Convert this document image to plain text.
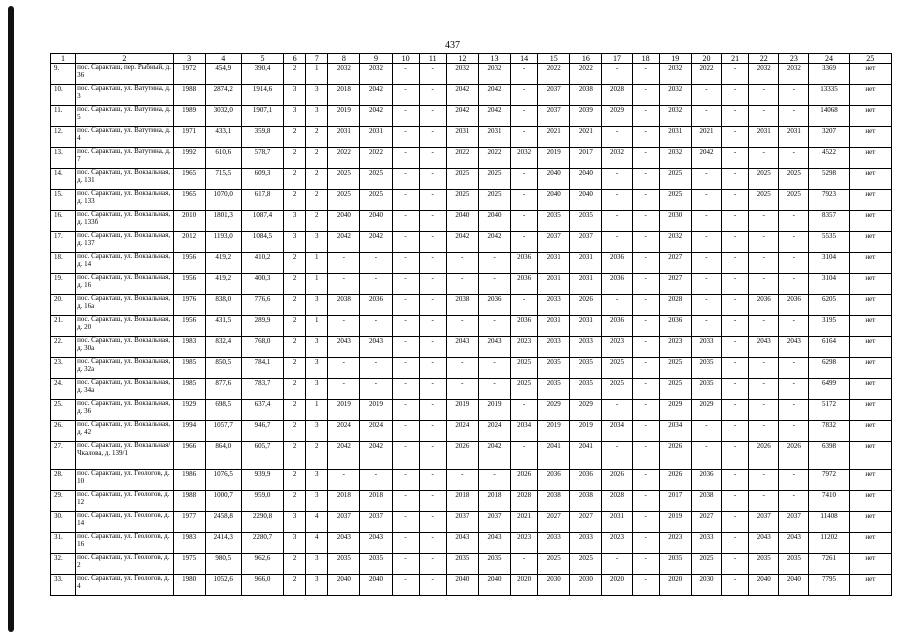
437
1	2	3	4	5	6	7	8	9	10	11	12	13	14	15	16	17	18	19	20	21	22	23	24	25
9.	пос. Саракташ, пер. Рыбный, д. 36	1972	454,9	390,4	2	1	2032	2032	-	-	2032	2032	-	2022	2022	-	-	2032	2022	-	2032	2032	3369	нет
10.	пос. Саракташ, ул. Ватутина, д. 3	1988	2874,2	1914,6	3	3	2018	2042	-	-	2042	2042	-	2037	2038	2028	-	2032	-	-	-	-	13335	нет
11.	пос. Саракташ, ул. Ватутина, д. 5	1989	3032,0	1907,1	3	3	2019	2042	-	-	2042	2042	-	2037	2039	2029	-	2032	-	-	-	-	14068	нет
12.	пос. Саракташ, ул. Ватутина, д. 4	1971	433,1	359,8	2	2	2031	2031	-	-	2031	2031	-	2021	2021	-	-	2031	2021	-	2031	2031	3207	нет
13.	пос. Саракташ, ул. Ватутина, д. 7	1992	610,6	578,7	2	2	2022	2022	-	-	2022	2022	2032	2019	2017	2032	-	2032	2042	-	-	-	4522	нет
14.	пос. Саракташ, ул. Вокзальная, д. 131	1965	715,5	609,3	2	2	2025	2025	-	-	2025	2025	-	2040	2040	-	-	2025	-	-	2025	2025	5298	нет
15.	пос. Саракташ, ул. Вокзальная, д. 133	1965	1070,0	617,8	2	2	2025	2025	-	-	2025	2025	-	2040	2040	-	-	2025	-	-	2025	2025	7923	нет
16.	пос. Саракташ, ул. Вокзальная, д. 133б	2010	1801,3	1087,4	3	2	2040	2040	-	-	2040	2040	-	2035	2035	-	-	2030	-	-	-	-	8357	нет
17.	пос. Саракташ, ул. Вокзальная, д. 137	2012	1193,0	1084,5	3	3	2042	2042	-	-	2042	2042	-	2037	2037	-	-	2032	-	-	-	-	5535	нет
18.	пос. Саракташ, ул. Вокзальная, д. 14	1956	419,2	410,2	2	1	-	-	-	-	-	-	2036	2031	2031	2036	-	2027	-	-	-	-	3104	нет
19.	пос. Саракташ, ул. Вокзальная, д. 16	1956	419,2	400,3	2	1	-	-	-	-	-	-	2036	2031	2031	2036	-	2027	-	-	-	-	3104	нет
20.	пос. Саракташ, ул. Вокзальная, д. 16а	1976	838,0	776,6	2	3	2038	2036	-	-	2038	2036	-	2033	2026	-	-	2028	-	-	2036	2036	6205	нет
21.	пос. Саракташ, ул. Вокзальная, д. 20	1956	431,5	289,9	2	1	-	-	-	-	-	-	2036	2031	2031	2036	-	2036	-	-	-	-	3195	нет
22.	пос. Саракташ, ул. Вокзальная, д. 30а	1983	832,4	768,0	2	3	2043	2043	-	-	2043	2043	2023	2033	2033	2023	-	2023	2033	-	2043	2043	6164	нет
23.	пос. Саракташ, ул. Вокзальная, д. 32а	1985	850,5	784,1	2	3	-	-	-	-	-	-	2025	2035	2035	2025	-	2025	2035	-	-	-	6298	нет
24.	пос. Саракташ, ул. Вокзальная, д. 34а	1985	877,6	783,7	2	3	-	-	-	-	-	-	2025	2035	2035	2025	-	2025	2035	-	-	-	6499	нет
25.	пос. Саракташ, ул. Вокзальная, д. 36	1929	698,5	637,4	2	1	2019	2019	-	-	2019	2019	-	2029	2029	-	-	2029	2029	-	-	-	5172	нет
26.	пос. Саракташ, ул. Вокзальная, д. 42	1994	1057,7	946,7	2	3	2024	2024	-	-	2024	2024	2034	2019	2019	2034	-	2034	-	-	-	-	7832	нет
27.	пос. Саракташ, ул. Вокзальная/Чкалова, д. 139/1	1966	864,0	605,7	2	2	2042	2042	-	-	2026	2042	-	2041	2041	-	-	2026	-	-	2026	2026	6398	нет
28.	пос. Саракташ, ул. Геологов, д. 10	1986	1076,5	939,9	2	3	-	-	-	-	-	-	2026	2036	2036	2026	-	2026	2036	-	-	-	7972	нет
29.	пос. Саракташ, ул. Геологов, д. 12	1988	1000,7	959,0	2	3	2018	2018	-	-	2018	2018	2028	2038	2038	2028	-	2017	2038	-	-	-	7410	нет
30.	пос. Саракташ, ул. Геологов, д. 14	1977	2458,8	2290,8	3	4	2037	2037	-	-	2037	2037	2021	2027	2027	2031	-	2019	2027	-	2037	2037	11408	нет
31.	пос. Саракташ, ул. Геологов, д. 16	1983	2414,3	2280,7	3	4	2043	2043	-	-	2043	2043	2023	2033	2033	2023	-	2023	2033	-	2043	2043	11202	нет
32.	пос. Саракташ, ул. Геологов, д. 2	1975	980,5	962,6	2	3	2035	2035	-	-	2035	2035	-	2025	2025	-	-	2035	2025	-	2035	2035	7261	нет
33.	пос. Саракташ, ул. Геологов, д. 4	1980	1052,6	966,0	2	3	2040	2040	-	-	2040	2040	2020	2030	2030	2020	-	2020	2030	-	2040	2040	7795	нет
